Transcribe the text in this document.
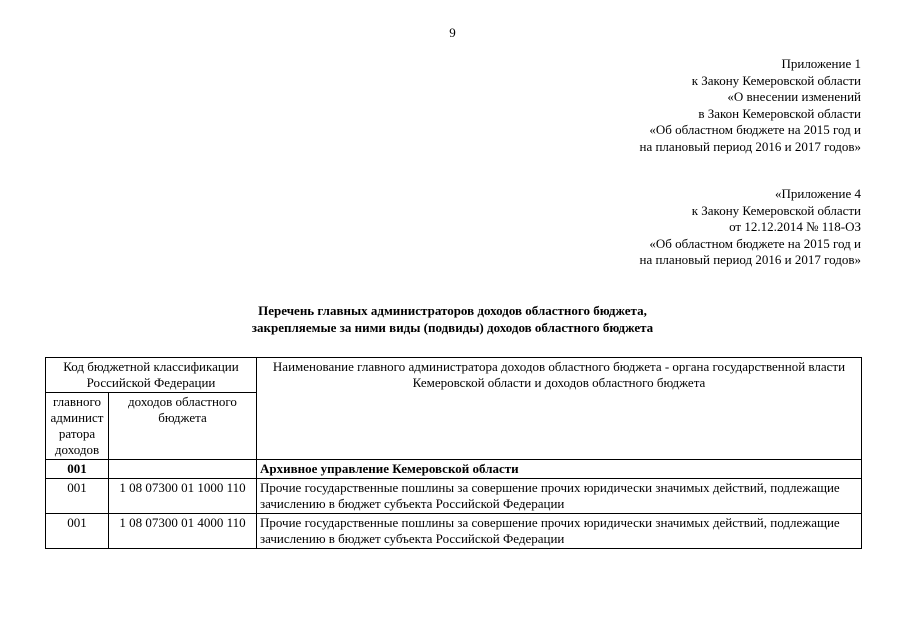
9
Приложение 1
к Закону Кемеровской области
«О внесении изменений
в Закон Кемеровской области
«Об областном бюджете на 2015 год и
на плановый период 2016 и 2017 годов»
«Приложение 4
к Закону Кемеровской области
от 12.12.2014 № 118-ОЗ
«Об областном бюджете на 2015 год и
на плановый период 2016 и 2017 годов»
Перечень главных администраторов доходов областного бюджета,
закрепляемые за ними виды (подвиды) доходов областного бюджета
Код бюджетной классификации Российской Федерации		Наименование главного администратора доходов областного бюджета - органа государственной власти Кемеровской области и доходов областного бюджета
главного админист ратора доходов	доходов областного бюджета	
001		Архивное управление Кемеровской области
001	1 08 07300 01 1000 110	Прочие государственные пошлины за совершение прочих юридически значимых действий, подлежащие зачислению в бюджет субъекта Российской Федерации
001	1 08 07300 01 4000 110	Прочие государственные пошлины за совершение прочих юридически значимых действий, подлежащие зачислению в бюджет субъекта Российской Федерации
